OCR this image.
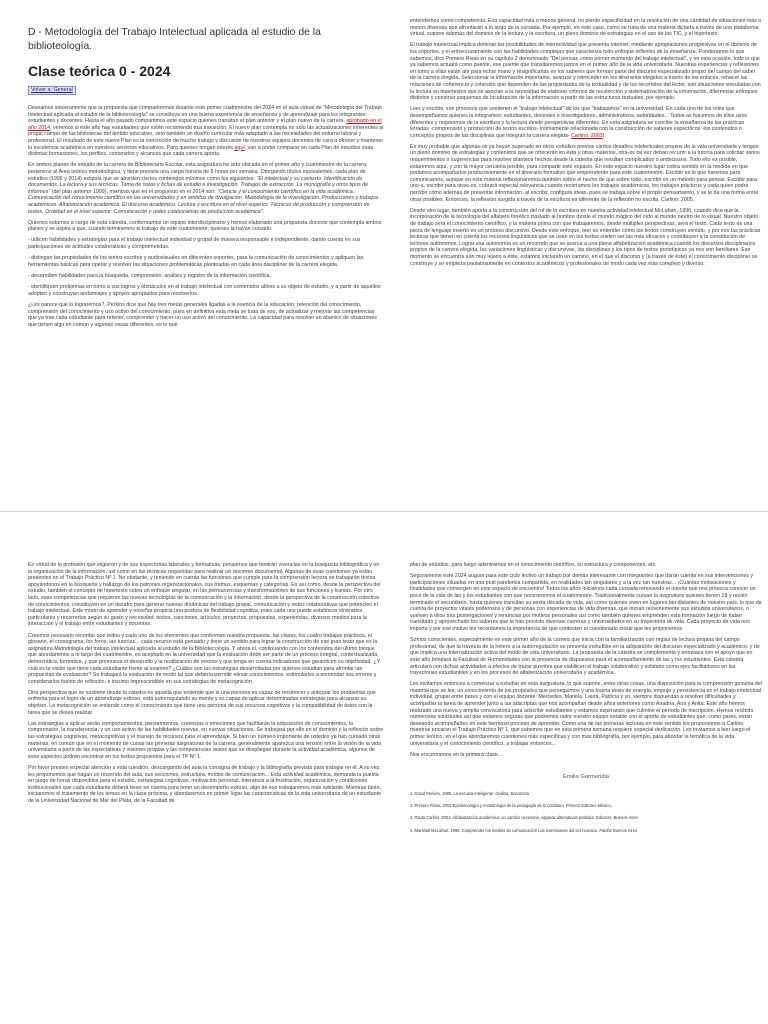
D - Metodología del Trabajo Intelectual aplicada al estudio de la biblioteología.
Clase teórica 0 - 2024
Volver a: General

Deseamos sinceramente que la propuesta que compartiremos durante este primer cuatrimestre del 2024 en el aula virtual de "Metodología del Trabajo Intelectual aplicada al estudio de la bibliotecología" se constituya en una buena experiencia de enseñanza y de aprendizaje para los integrantes: estudiantes y docentes. Hasta el año pasado compartimos este espacio quienes transitan el plan anterior y el plan nuevo de la carrera, aprobado en el año 2014, veremos si este año hay estudiantes que estén recorriendo esa transición. El nuevo plan contempla no sólo las actualizaciones inherentes al propio campo de las bibliotecas del ámbito educativo, sino también un diseño curricular más adaptado a las necesidades del entorno laboral y profesional. El resultado de este nuevo Plan es la concreción de mucho trabajo y discusión de nuestros equipos docentes de cara a ofrecer y mantener la excelencia académica en nuestros servicios educativos. Para quienes tengan interés aquí, van a poder comparar en cada Plan de estudios esas distintas formaciones, los perfiles, contenidos y alcances que cada carrera aporta.

En ambos planes de estudio de la carrera de Bibliotecario Escolar, esta asignatura ha sido ubicada en el primer año y cuatrimestre de la carrera, pertenece al Área teórico metodológica, y tiene prevista una carga horaria de 8 horas por semana. Otorgando títulos equivalentes, cada plan de estudios (1999 y 2014) estipula que se aborden ciertos contenidos mínimos como los siguientes: "El intelectual y su contexto. Identificación de documentos. La lectura y sus técnicas. Toma de notas y fichas de estudio e investigación. Trabajos de extracción. La monografía y otros tipos de informes" (del plan anterior 1999), mientras que en el propuesto en el 2014 son: "Ciencia y el conocimiento científico en la vida académica. Comunicación del conocimiento científico en las universidades y en ámbitos de divulgación. Metodología de la investigación. Producciones y trabajos académicos. Alfabetización académica. El discurso académico. Lectura y escritura en el nivel superior. Técnicas de producción y comprensión de textos. Oralidad en el nivel superior. Comunicación y redes colaborativas de producción académica".

Quienes estamos a cargo de esta cátedra, conformamos un equipo interdisciplinario y hemos elaborado una propuesta docente que contempla ambos planes y se aspira a que, cuando terminemos el trabajo de este cuatrimestre, quienes la hayan cursado:

- utilicen habilidades y estrategias para el trabajo intelectual individual y grupal de manera responsable e independiente, dando cuenta en sus participaciones de actitudes colaborativas y comprometidas.

- distingan las propiedades de los textos escritos y audiovisuales en diferentes soportes, para la comunicación de conocimientos y apliquen las herramientas básicas para operar y resolver las situaciones problemáticas planteadas en cada área disciplinar de la carrera elegida.

- desarrollen habilidades para la búsqueda, comprensión, análisis y registro de la información científica.

- identifiquen problemas en torno a sus logros y obstáculos en el trabajo intelectual con contenidos afines a su objeto de estudio, y a partir de aquellos adopten y construyan andamiajes y apoyos apropiados para resolverlos.

¿Les parece que lo lograremos?, Perkins dice que hay tres metas generales ligadas a la esencia de la educación: retención del conocimiento, comprensión del conocimiento y uso activo del conocimiento, pues en definitiva esta meta se trata de eso, de actualizar y mejorar las competencias que ya trae cada estudiante para retener, comprender y hacer un uso activo del conocimiento. La capacidad para resolver un abanico de situaciones que tienen algo en común y algunas cosas diferentes, es lo que

entendemos como competencia. Esa capacidad más o menos general, no pierde especificidad en la resolución de una cantidad de situaciones más o menos diversas que afrontarán a lo largo de la cursada. Por ejemplo, en este caso, como se trata de una materia dictada a través de una plataforma virtual, supone además del dominio de la lectura y la escritura, un pleno dominio de estrategias en el uso de las TIC, y el hipertexto.

El trabajo intelectual implica dominar las posibilidades de interactividad que presenta Internet, mediante apropiaciones progresivas en el dominio de los soportes, y el entrecruzamiento con las habilidades complejas que caracteriza todo enfoque reflexivo de la enseñanza. Ponderamos lo que sabemos, dice Primero Rivas en su capítulo 2 denominado "Del pensar, como primer momento del trabajo intelectual", y en esta ocasión, todo lo que ya sabemos actuará como puente, ese puente que transitaremos juntos en el primer año de la vida universitaria. Nuestras experiencias y reflexiones en torno a ellas están ahí para echar mano y resignificarlas en los saberes que forman parte del discurso especializado propio del campo del saber de la carrera elegida. Seleccionar la información importante, avanzar y retroceder en los itinerarios elegidos a través de los enlaces, rehacer las relaciones de coherencia y cohesión que dependen de las propiedades de la textualidad y de los recorridos del lector, son situaciones vinculadas con la lectura en hipertextos que se asocian a la necesidad de elaborar criterios de recolección y sistematización de la información, diferenciar enfoques distintos y construir esquemas de localización de la información a partir de las estructuras textuales, por ejemplo.

Leer y escribir, son procesos que sostienen el "trabajo intelectual" de los que "trabajamos" en la universidad. En cada uno de los roles que desempeñamos quienes la integramos: estudiantes, docentes e investigadores, administrativos, autoridades... Todos-as hacemos de ellos usos diferentes y requerimos de la escritura y la lectura desde perspectivas diferentes. En esta asignatura se concibe la enseñanza de las prácticas letradas -comprensión y producción de textos escritos- íntimamente relacionada con la construcción de saberes específicos -los contenidos o conceptos propios de las disciplinas que integran la carrera elegida- Carlino: 2003).

Es muy probable que algunas-os ya hayan superado en otros estudios previos ciertos desafíos intelectuales propios de la vida universitaria y tengan un pleno dominio de estrategias y contenidos que se ofrecerán en ésta y otras materias, otra-os tal vez deban recurrir a la tutoría para solicitar varios requerimientos o sugerencias para resolver planteos hechos desde la cátedra que resultan complicados o ambiciosos. Todo ello es posible, estaremos aquí, y con la mayor cercanía posible, para compartir este espacio. En este espacio nuestro lugar cobra sentido en la medida en que podamos acompañarlos productivamente en el itinerario formativo que emprenderán para este cuatrimestre. Escribir es lo que haremos para comunicarnos, aunque en esta materia reflexionaremos también sobre el hecho de que sobre todo, escribir es un método para pensar. Escribir para uno-a, escribir para otras-os, cobrará especial relevancia cuando recorramos los trabajos académicos, los trabajos prácticos y cada quien podrá percibir cómo además de presentar información, al escribir, configura ideas, pues se trabaja sobre el propio pensamiento, y se le da una forma entre otras posibles. Entonces, la reflexión surgida a través de la escritura es diferente de la reflexión no escrita. Carlino: 2005.

Desde otro lugar, también aporta a la construcción del rol de la escritura en nuestra actividad intelectual McLuhan, 1996, cuando dice que la incorporación de la tecnología del alfabeto fonético trasladó al hombre desde el mundo mágico del oído al mundo neutro de lo visual. Nuestro objeto de trabajo será el conocimiento científico, y la materia prima con que trabajaremos, desde múltiples perspectivas, será el texto. Cada texto es una pieza de lenguaje inserto en un proceso discursivo. Desde este enfoque, leer es entender cómo los textos construyen sentido, y por eso las prácticas lectoras que tienen en cuenta los recursos lingüísticos que se usan en los textos suelen ser las más eficaces y contribuyen a la constitución de lectores autónomos. Lograr esa autonomía es un recorrido que se acerca a una plena alfabetización académica cuando los discursos disciplinarios propios de la carrera elegida, las variaciones lingüísticas y discursivas, las disciplinas y los tipos de textos prototípicos ya nos son familiares. Ese momento se encuentra aún muy lejano a éste, estamos iniciando un camino, en el que el discurso y (a través de éste) el conocimiento disciplinar se construye y se empieza paulatinamente en contextos académicos y profesionales de modo cada vez más complejo y diverso.

En virtud de la profesión que eligieron y de sus trayectorias laborales y formativas, pensamos que tendrán vivencias en la búsqueda bibliográfica y en la organización de la información, así como en las técnicas requeridas para realizar un resumen documental. Algunas de esas cuestiones ya están presentes en el Trabajo Práctico Nº 1. No obstante, y teniendo en cuenta las funciones que cumple para la comprensión lectora se trabajarán textos apoyándonos en la búsqueda y hallazgo de los patrones organizacionales, sus tramas, esquemas y categorías. Es así como, desde la perspectiva del estudio, también el concepto de hipertexto cobra un enfoque singular, en las permanencias y transformaciones de sus funciones y tramas. Por otro lado, esas competencias que requieren las nuevas tecnologías de la comunicación y la información, desde la perspectiva de la construcción colectiva de conocimientos, constituyen en un desafío para generar nuevas dinámicas del trabajo grupal, comunicación y redes colaborativas que potencien el trabajo intelectual. Este modo de aprender y enseñar propicia una postura de flexibilidad cognitiva, pues cada uno puede establecer itinerarios particulares y recorrerlos según su gusto y necesidad: textos, canciones, artículos, proyectos, propuestas, experiencias, diversos medios para la interacción y el trabajo entre estudiantes y docentes.

Creemos necesario recordar que todos y cada uno de los elementos que conforman nuestra propuesta, las clases, los cuatro trabajos prácticos, el glosario, el cronograma, los foros, las tutorías... cada recurso está pensado y tiene un sentido para lograr la construcción de ese gran texto que es la asignatura Metodología del trabajo intelectual aplicada al estudio de la Bibliotecología. Y ahora sí, continuando con los contenidos del último bloque que abordaremos a lo largo del cuatrimestre, es aceptado en la universidad que la evaluación debe ser parte de un proceso integral, contextualizada, democrática, formativa, y que promueva el desarrollo y la reutilización de errores y que tenga en cuenta indicadores que garanticen su objetividad. ¿Y cuál es la visión que tiene cada estudiante frente al examen? ¿Cuáles son las estrategias desarrolladas por quienes estudian para afrontar las propuestas de evaluación? Se trabajará la evaluación de modo tal que debería permitir elevar conocimientos, estimularlos a enmendar sus errores y considerarlos fuente de reflexión, e insumo imprescindible en sus estrategias de metacognición.

Otra perspectiva que se sostiene desde la cátedra es aquella que entiende que si una persona es capaz de reconocer y anticipar los problemas que enfrenta para el logro de un aprendizaje exitoso, está autorregulando su mente y es capaz de aplicar determinadas estrategias para alcanzar su objetivo. La metacognición se entiende como el conocimiento que tiene una persona de sus recursos cognitivos y la compatibilidad de éstos con la tarea que se desea realizar.

Las estrategias a aplicar serán comportamientos, pensamientos, creencias o emociones que facilitarán la adquisición de conocimientos, la comprensión, la transferencia, y un uso activo de las habilidades nuevas, en nuevas situaciones. Se trabajará por ello en el dominio y la reflexión sobre las estrategias cognitivas, metacognitivas y el manejo de recursos para el aprendizaje. Si bien un número importante de ustedes ya han cursado otras materias, en común que en el momento de cursar las primeras asignaturas de la carrera, generalmente aparezca una tensión entre la visión de la vida universitaria a partir de las expectativas y visiones propias y las competencias reales que se despliegan durante la actividad académica, algunos de esos aspectos podrán encontrar en los textos propuestos para el TP Nº 1.

Por favor presten especial atención a esta cuestión, descargando del aula la consigna de trabajo y la bibliografía prevista para trabajar en él. A su vez, les proponemos que hagan un recorrido del aula, sus secciones, estructura, modos de comunicación... Esta actividad académica, demanda la puesta en juego de horas disponibles para el estudio, estrategias cognitivas, motivación personal, tolerancia a la frustración, organización y condiciones institucionales que cada estudiante deberá tener en cuenta para tener un desempeño exitoso, algo de eso trabajaremos más adelante. Mientras tanto, iniciaremos el tratamiento de los temas en la clase próxima, y abordaremos en primer lugar las características de la vida universitaria de un estudiante de la Universidad Nacional de Mar del Plata, de la Facultad de

plan de estudios, para luego adentrarnos en el conocimiento científico, su estructura y componentes, etc.

Seguramente este 2024 augura para este ciclo lectivo un trabajo por demás interesante con integrantes que darán cuenta en sus intervenciones y participaciones situadas en una post pandemia compartida, en realidades tan singulares y a la vez tan nuestras... ¡Cuántas motivaciones y finalidades que convergen en este espacio de encuentro! Todos los años iniciamos cada cursada renovando el interés que nos provoca conocer un poco de la vida de las y los estudiantes con que recorreremos el cuatrimestre. Tradicionalmente cursan la asignatura quienes tienen 18 y recién terminado el secundario, hasta quienes transitan su sexta década de vida, así como quienes viven en lugares tan distantes de nuestro país, lo que da cuenta de proyectos vitales poderosos y de personas con experiencias de vida diversas, que inician recientemente sus estudios universitarios, o vuelven a ellos tras postergaciones y renuncias por motivos personales así como también quienes emprenden esta formación luego de haber transitado y aprovechado los saberes que le han provisto diversas carreras y universidades en su trayectoria de vida. Cada proyecto de vida nos importa y por ese motivo les recordamos la importancia de que contesten el cuestionario inicial que les proponemos.

Somos conscientes, especialmente en este primer año de la carrera que inicia con la familiarización con reglas de lectura propias del campo profesional, de que la travesía de la hétero a la autorregulación se presenta ineludible en la adquisición del discurso especializado y académico, y de que implica una internalización activa del modo de vida universitario. La propuesta de la cátedra se complementa y entrelaza con el apoyo que en este año brindará la Facultad de Humanidades con la presencia de dispuestos para el acompañamiento de las y los estudiantes. Esta cátedra articulará con dichas actividades a efectos de trazar puentes que viabilicen el trabajo colaborativo y solidario como ejes facilitadores en las trayectorias estudiantiles y en los procesos de alfabetización universitaria y académica.

Les invitamos entonces a comenzar a estudiar en esta asignatura, lo que supone, entre otras cosas, una disposición para la comprensión genuina del material que se les, un conocimiento de los propósitos que perseguimos y una buena dosis de energía, empuje y persistencia en el trabajo intelectual individual, grupal entre pares y con el equipo docente: Mercedes, Mariela, Laura, Patricia y yo, siempre dispuestas a resolver dificultades y acompañar la tarea de aprender junto a las adscriptas que nos acompañan desde años anteriores como Ariadna, Ana y Anita. Este año hemos realizado una nueva y amplia convocatoria para adscribir estudiantes y estamos esperando que culmine el período de inscripción. Hemos recibido numerosas solicitudes así que estamos seguras que podremos nutrir nuestro equipo estable con el aporte de estudiantes que, como pares, están deseando acompañarles en este hermoso proceso de aprender. Como una de las primeras lecturas en este sentido les proponemos a Carlino mientras encaran el Trabajo Práctico Nº 1, que sabemos que en esta primera semana requiere especial dedicación. Les invitamos a leer luego el primer teórico, en el que abordaremos cuestiones más específicas y con más bibliografía, por ejemplo, para abordar la temática de la vida universitaria y el conocimiento científico, a trabajar entonces...

Nos encontramos en la primera clase...

Emilia Garmendia

1. David Perkins, 1995. La escuela inteligente. Gedisa, Barcelona

2. Primero Rivas. 2002.Epistemología y metodología de la pedagogía de lo cotidiano, Primero Editores México,

3. Paula Carlino, 2003. Alfabetización académica: un cambio necesario, algunas alternativas posibles. Educere, Buenos Aires

4. Marshall McLuhan. 1996. Comprender los medios de comunicación Las extensiones del ser humano. Paidós Buenos Aires
